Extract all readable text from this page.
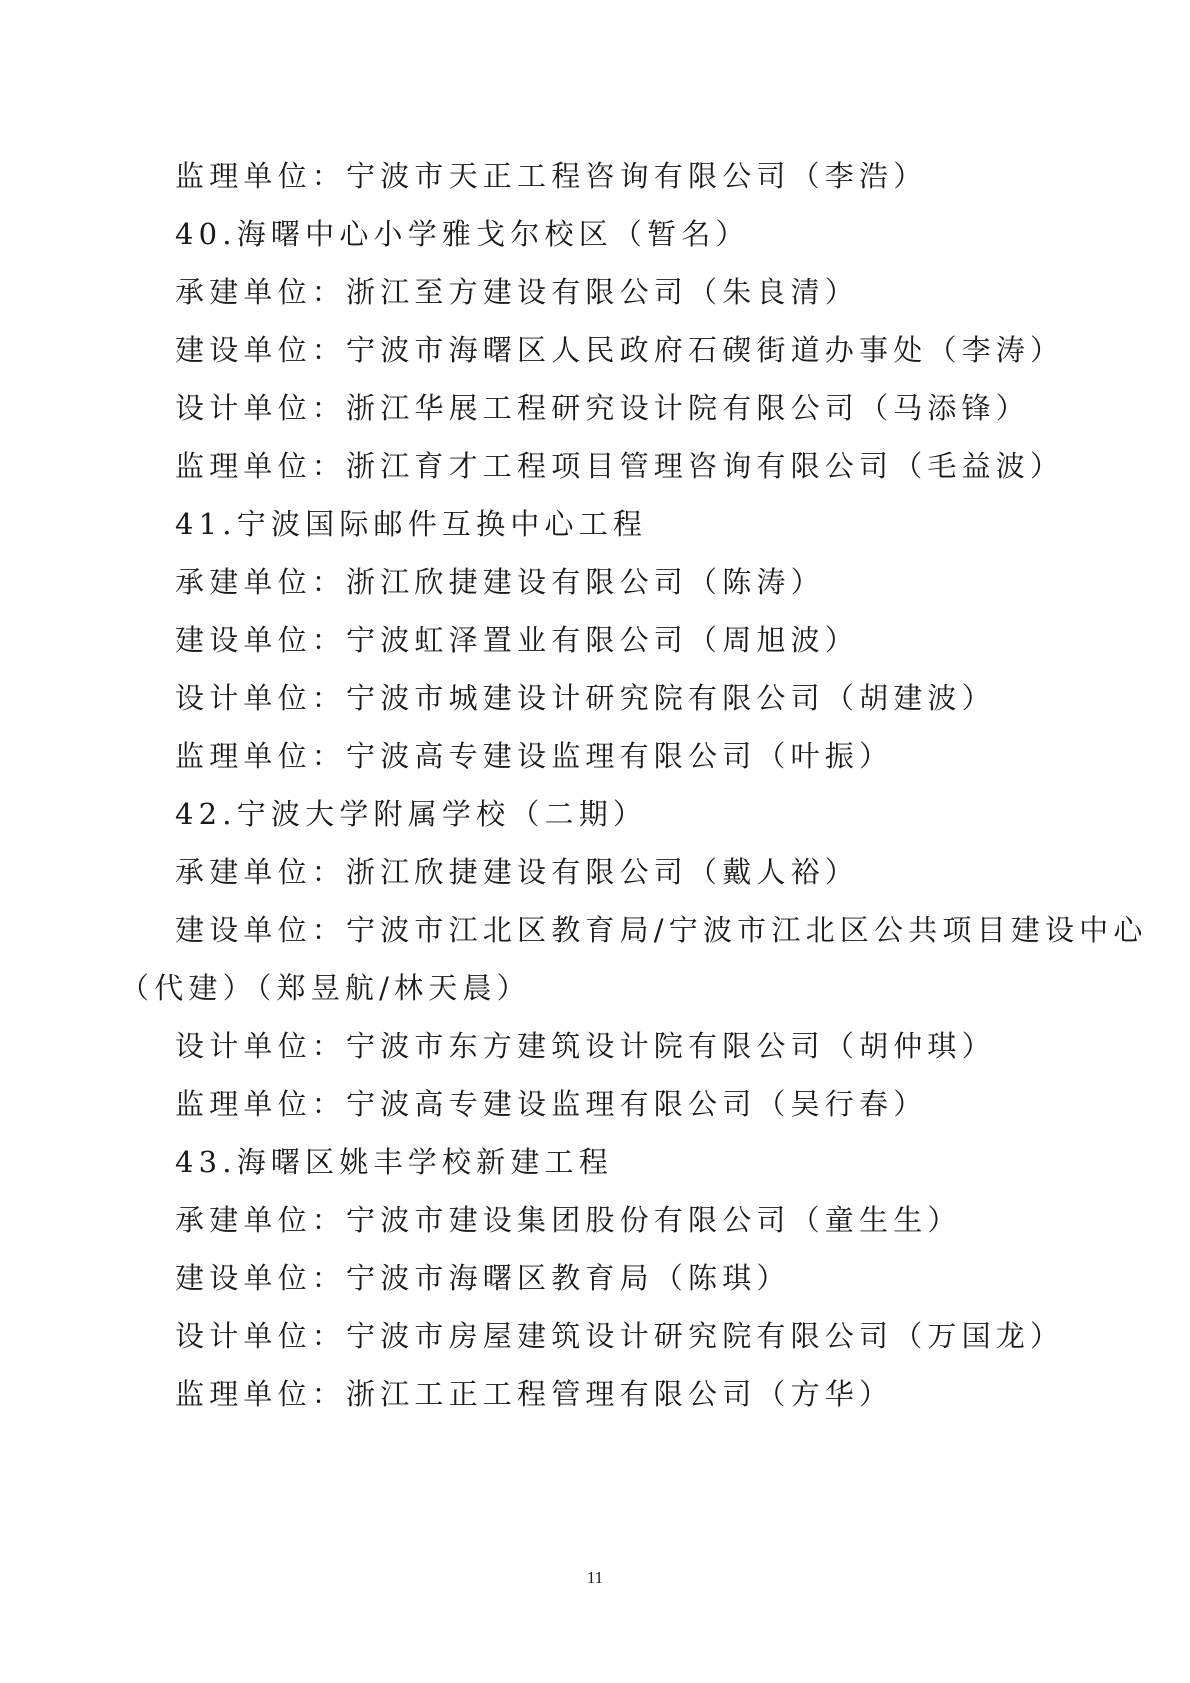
监理单位：宁波市天正工程咨询有限公司（李浩）
40.海曙中心小学雅戈尔校区（暂名）
承建单位：浙江至方建设有限公司（朱良清）
建设单位：宁波市海曙区人民政府石碶街道办事处（李涛）
设计单位：浙江华展工程研究设计院有限公司（马添锋）
监理单位：浙江育才工程项目管理咨询有限公司（毛益波）
41.宁波国际邮件互换中心工程
承建单位：浙江欣捷建设有限公司（陈涛）
建设单位：宁波虹泽置业有限公司（周旭波）
设计单位：宁波市城建设计研究院有限公司（胡建波）
监理单位：宁波高专建设监理有限公司（叶振）
42.宁波大学附属学校（二期）
承建单位：浙江欣捷建设有限公司（戴人裕）
建设单位：宁波市江北区教育局/宁波市江北区公共项目建设中心
（代建）（郑昱航/林天晨）
设计单位：宁波市东方建筑设计院有限公司（胡仲琪）
监理单位：宁波高专建设监理有限公司（吴行春）
43.海曙区姚丰学校新建工程
承建单位：宁波市建设集团股份有限公司（童生生）
建设单位：宁波市海曙区教育局（陈琪）
设计单位：宁波市房屋建筑设计研究院有限公司（万国龙）
监理单位：浙江工正工程管理有限公司（方华）
11
